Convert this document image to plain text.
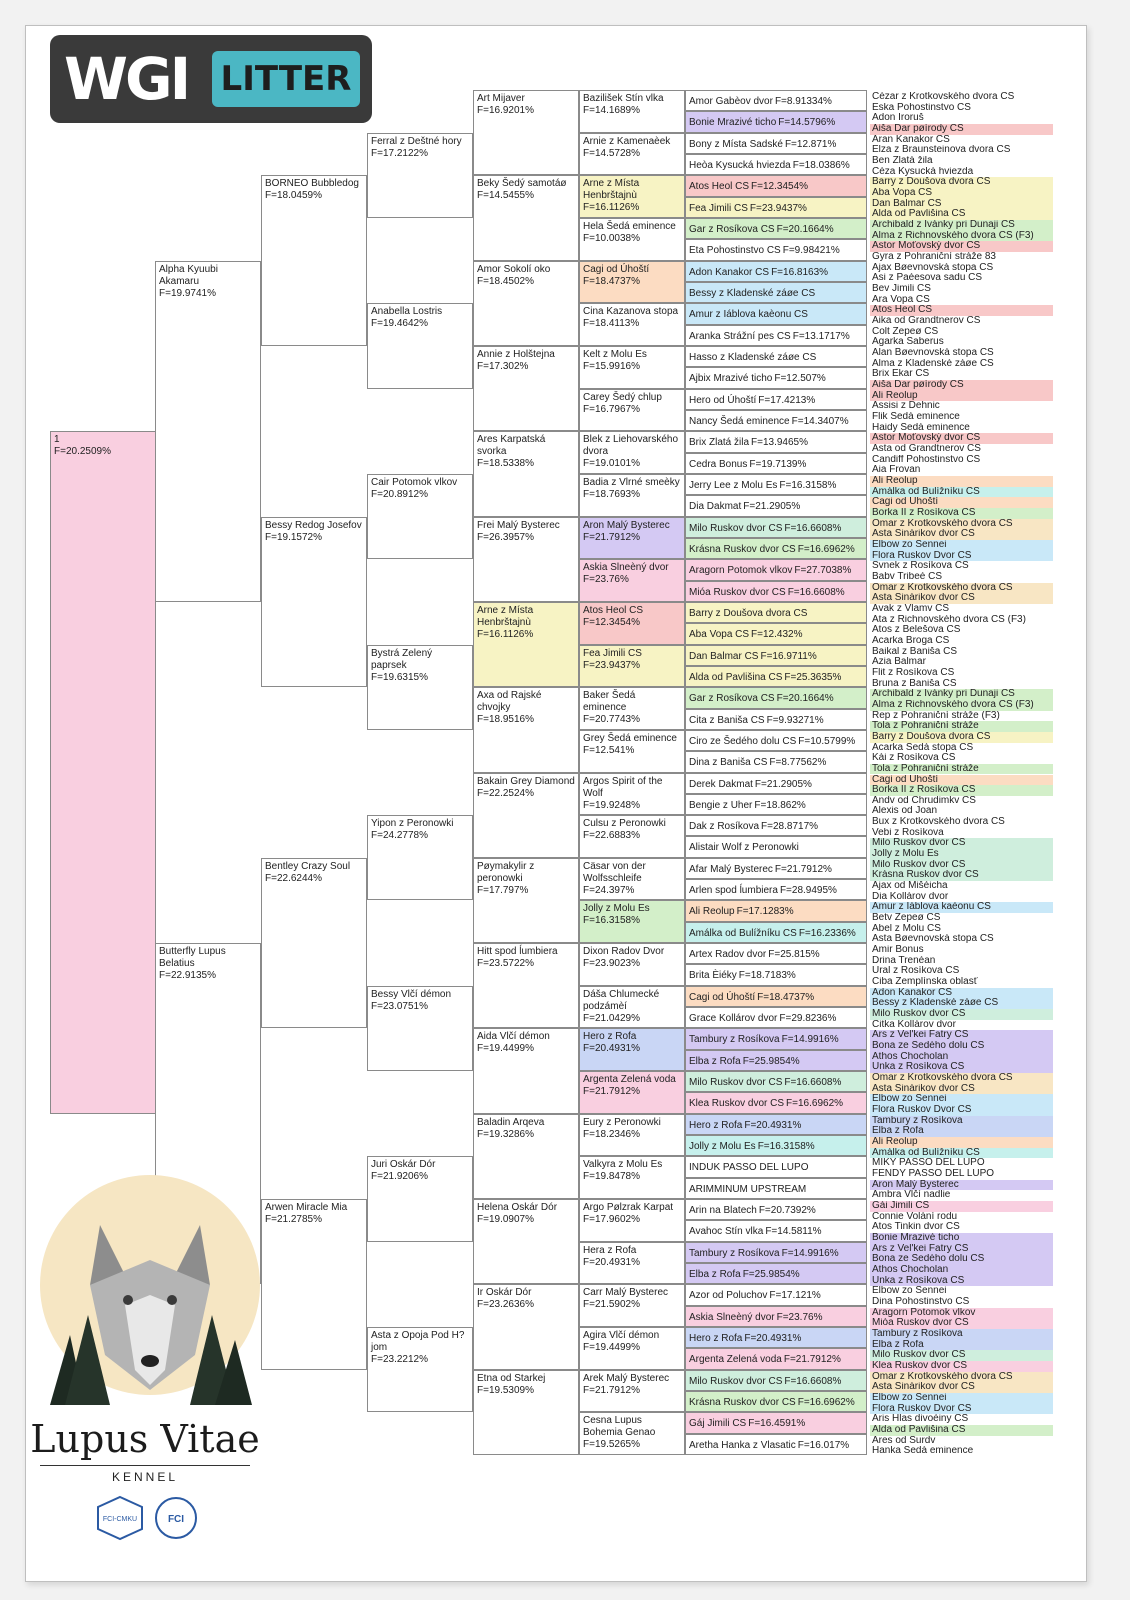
WGI LITTER
1
F=20.2509%
Alpha Kyuubi Akamaru
F=19.9741%
Butterfly Lupus Belatius
F=22.9135%
BORNEO Bubbledog
F=18.0459%
Bessy Redog Josefov
F=19.1572%
Bentley Crazy Soul
F=22.6244%
Arwen Miracle Mia
F=21.2785%
Ferral z Deštné hory
F=17.2122%
Anabella Lostris
F=19.4642%
Cair Potomok vlkov
F=20.8912%
Bystrá Zelený paprsek
F=19.6315%
Yipon z Peronowki
F=24.2778%
Bessy Vlčí démon
F=23.0751%
Juri Oskár Dór
F=21.9206%
Asta z Opoja Pod H?jom
F=23.2212%
Art Mijaver
F=16.9201%
Beky Šedý samotáø
F=14.5455%
Amor Sokolí oko
F=18.4502%
Annie z Holštejna
F=17.302%
Ares Karpatská svorka
F=18.5338%
Frei Malý Bysterec
F=26.3957%
Arne z Místa Henbrštajnù
F=16.1126%
Axa od Rajské chvojky
F=18.9516%
Bakain Grey Diamond
F=22.2524%
Pøymakylir z peronowki
F=17.797%
Hitt spod ĺumbiera
F=23.5722%
Aida Vlčí démon
F=19.4499%
Baladin Arqeva
F=19.3286%
Helena Oskár Dór
F=19.0907%
Ir Oskár Dór
F=23.2636%
Etna od Starkej
F=19.5309%
Bazilišek Stín vlka
F=14.1689%
Arnie z Kamenaèek
F=14.5728%
Arne z Místa Henbrštajnù
F=16.1126%
Hela Šedá eminence
F=10.0038%
Cagi od Úhoští
F=18.4737%
Cina Kazanova stopa
F=18.4113%
Kelt z Molu Es
F=15.9916%
Carey Šedý chlup
F=16.7967%
Blek z Liehovarského dvora
F=19.0101%
Badia z Vlrné smeèky
F=18.7693%
Aron Malý Bysterec
F=21.7912%
Askia Slneèný dvor
F=23.76%
Atos Heol CS
F=12.3454%
Fea Jimili CS
F=23.9437%
Baker Šedá eminence
F=20.7743%
Grey Šedá eminence
F=12.541%
Argos Spirit of the Wolf
F=19.9248%
Culsu z Peronowki
F=22.6883%
Cäsar von der Wolfsschleife
F=24.397%
Jolly z Molu Es
F=16.3158%
Dixon Radov Dvor
F=23.9023%
Dáša Chlumecké podzámèí
F=21.0429%
Hero z Rofa
F=20.4931%
Argenta Zelená voda
F=21.7912%
Eury z Peronowki
F=18.2346%
Valkyra z Molu Es
F=19.8478%
Argo Pølzrak Karpat
F=17.9602%
Hera z Rofa
F=20.4931%
Carr Malý Bysterec
F=21.5902%
Agira Vlčí démon
F=19.4499%
Arek Malý Bysterec
F=21.7912%
Cesna Lupus Bohemia Genao
F=19.5265%
Amor Gabèov dvor F=8.91334%
Bonie Mrazivé ticho F=14.5796%
Bony z Místa Sadské F=12.871%
Heòa Kysucká hviezda F=18.0386%
Atos Heol CS F=12.3454%
Fea Jimili CS F=23.9437%
Gar z Rosíkova CS F=20.1664%
Eta Pohostinstvo CS F=9.98421%
Adon Kanakor CS F=16.8163%
Bessy z Kladenské záøe CS
Amur z Iáblova kaèonu CS
Aranka Strážní pes CS F=13.1717%
Hasso z Kladenské záøe CS
Ajbix Mrazivé ticho F=12.507%
Hero od Úhoští F=17.4213%
Nancy Šedá eminence F=14.3407%
Brix Zlatá žila F=13.9465%
Cedra Bonus F=19.7139%
Jerry Lee z Molu Es F=16.3158%
Dia Dakmat F=21.2905%
Milo Ruskov dvor CS F=16.6608%
Krásna Ruskov dvor CS F=16.6962%
Aragorn Potomok vlkov F=27.7038%
Mióa Ruskov dvor CS F=16.6608%
Barry z Doušova dvora CS
Aba Vopa CS F=12.432%
Dan Balmar CS F=16.9711%
Alda od Pavlišina CS F=25.3635%
Gar z Rosíkova CS F=20.1664%
Cita z Baniša CS F=9.93271%
Ciro ze Šedého dolu CS F=10.5799%
Dina z Baniša CS F=8.77562%
Derek Dakmat F=21.2905%
Bengie z Uher F=18.862%
Dak z Rosíkova F=28.8717%
Alistair Wolf z Peronowki
Afar Malý Bysterec F=21.7912%
Arlen spod ĺumbiera F=28.9495%
Ali Reolup F=17.1283%
Amálka od Bulížníku CS F=16.2336%
Artex Radov dvor F=25.815%
Brita Èiéky F=18.7183%
Cagi od Úhoští F=18.4737%
Grace Kollárov dvor F=29.8236%
Tambury z Rosíkova F=14.9916%
Elba z Rofa F=25.9854%
Milo Ruskov dvor CS F=16.6608%
Klea Ruskov dvor CS F=16.6962%
Hero z Rofa F=20.4931%
Jolly z Molu Es F=16.3158%
INDUK PASSO DEL LUPO
ARIMMINUM UPSTREAM
Arin na Blatech F=20.7392%
Avahoc Stín vlka F=14.5811%
Tambury z Rosíkova F=14.9916%
Elba z Rofa F=25.9854%
Azor od Poluchov F=17.121%
Askia Slneèný dvor F=23.76%
Hero z Rofa F=20.4931%
Argenta Zelená voda F=21.7912%
Milo Ruskov dvor CS F=16.6608%
Krásna Ruskov dvor CS F=16.6962%
Gáj Jimili CS F=16.4591%
Aretha Hanka z Vlasatic F=16.017%
Cézar z Krotkovského dvora CS
Eska Pohostinstvo CS
Adon Iroruš
Aiša Dar pøírody CS
Aran Kanakor CS
Elza z Braunsteinova dvora CS
Ben Zlatá žila
Céza Kysucká hviezda
Barry z Doušova dvora CS
Aba Vopa CS
Dan Balmar CS
Alda od Pavlišina CS
Archibald z Ivánky pri Dunaji CS
Alma z Richnovského dvora CS (F3)
Astor Moťovský dvor CS
Gyra z Pohraniční stráže 83
Ajax Bøevnovská stopa CS
Asi z Paèesova sadu CS
Bev Jimili CS
Ara Vopa CS
Atos Heol CS
Aika od Grandtnerov CS
Colt Zepeø CS
Agarka Saberus
Alan Bøevnovská stopa CS
Alma z Kladenské záøe CS
Brix Ekar CS
Aiša Dar pøírody CS
Ali Reolup
Assisi z Dehnic
Flik Šedá eminence
Haidy Šedá eminence
Astor Moťovský dvor CS
Asta od Grandtnerov CS
Candiff Pohostinstvo CS
Aia Frovan
Ali Reolup
Amálka od Bulížníku CS
Cagi od Úhoští
Borka II z Rosíkova CS
Omar z Krotkovského dvora CS
Asta Šinárikov dvor CS
Elbow zo Sennei
Flora Ruskov Dvor CS
Svnek z Rosíkova CS
Babv Tribeè CS
Omar z Krotkovského dvora CS
Asta Šinárikov dvor CS
Avak z Vlamv CS
Ata z Richnovského dvora CS (F3)
Atos z Belešova CS
Acarka Broga CS
Baikal z Baniša CS
Azia Balmar
Flit z Rosíkova CS
Bruna z Baniša CS
Archibald z Ivánky pri Dunaji CS
Alma z Richnovského dvora CS (F3)
Rep z Pohraniční stráže (F3)
Tola z Pohraniční stráže
Barry z Doušova dvora CS
Acarka Šedá stopa CS
Kái z Rosíkova CS
Tola z Pohraniční stráže
Cagi od Úhoští
Borka II z Rosíkova CS
Andv od Chrudimkv CS
Alexis od Joan
Bux z Krotkovského dvora CS
Vebi z Rosíkova
Milo Ruskov dvor CS
Jolly z Molu Es
Milo Ruskov dvor CS
Krásna Ruskov dvor CS
Ajax od Mišèicha
Dia Kollárov dvor
Amur z Iáblova kaèonu CS
Betv Zepeø CS
Abel z Molu CS
Asta Bøevnovská stopa CS
Amir Bonus
Drina Trenèan
Ural z Rosíkova CS
Ciba Zemplínska oblasť
Adon Kanakor CS
Bessy z Kladenské záøe CS
Milo Ruskov dvor CS
Citka Kollárov dvor
Ars z Vel'kei Fatry CS
Bona ze Šedého dolu CS
Athos Chocholan
Unka z Rosíkova CS
Omar z Krotkovského dvora CS
Asta Šinárikov dvor CS
Elbow zo Sennei
Flora Ruskov Dvor CS
Tambury z Rosíkova
Elba z Rofa
Ali Reolup
Amálka od Bulížníku CS
MIKY PASSO DEL LUPO
FENDY PASSO DEL LUPO
Aron Malý Bysterec
Ambra Vlčí nadlie
Gái Jimili CS
Connie Volání rodu
Atos Tinkin dvor CS
Bonie Mrazivé ticho
Ars z Vel'kei Fatry CS
Bona ze Šedého dolu CS
Athos Chocholan
Unka z Rosíkova CS
Elbow zo Sennei
Dina Pohostinstvo CS
Aragorn Potomok vlkov
Mióa Ruskov dvor CS
Tambury z Rosíkova
Elba z Rofa
Milo Ruskov dvor CS
Klea Ruskov dvor CS
Omar z Krotkovského dvora CS
Asta Šinárikov dvor CS
Elbow zo Sennei
Flora Ruskov Dvor CS
Aris Hlas divoèiny CS
Alda od Pavlišina CS
Ares od Surdv
Hanka Šedá eminence
Lupus Vitae
KENNEL
FCI-CMKU	FCI
